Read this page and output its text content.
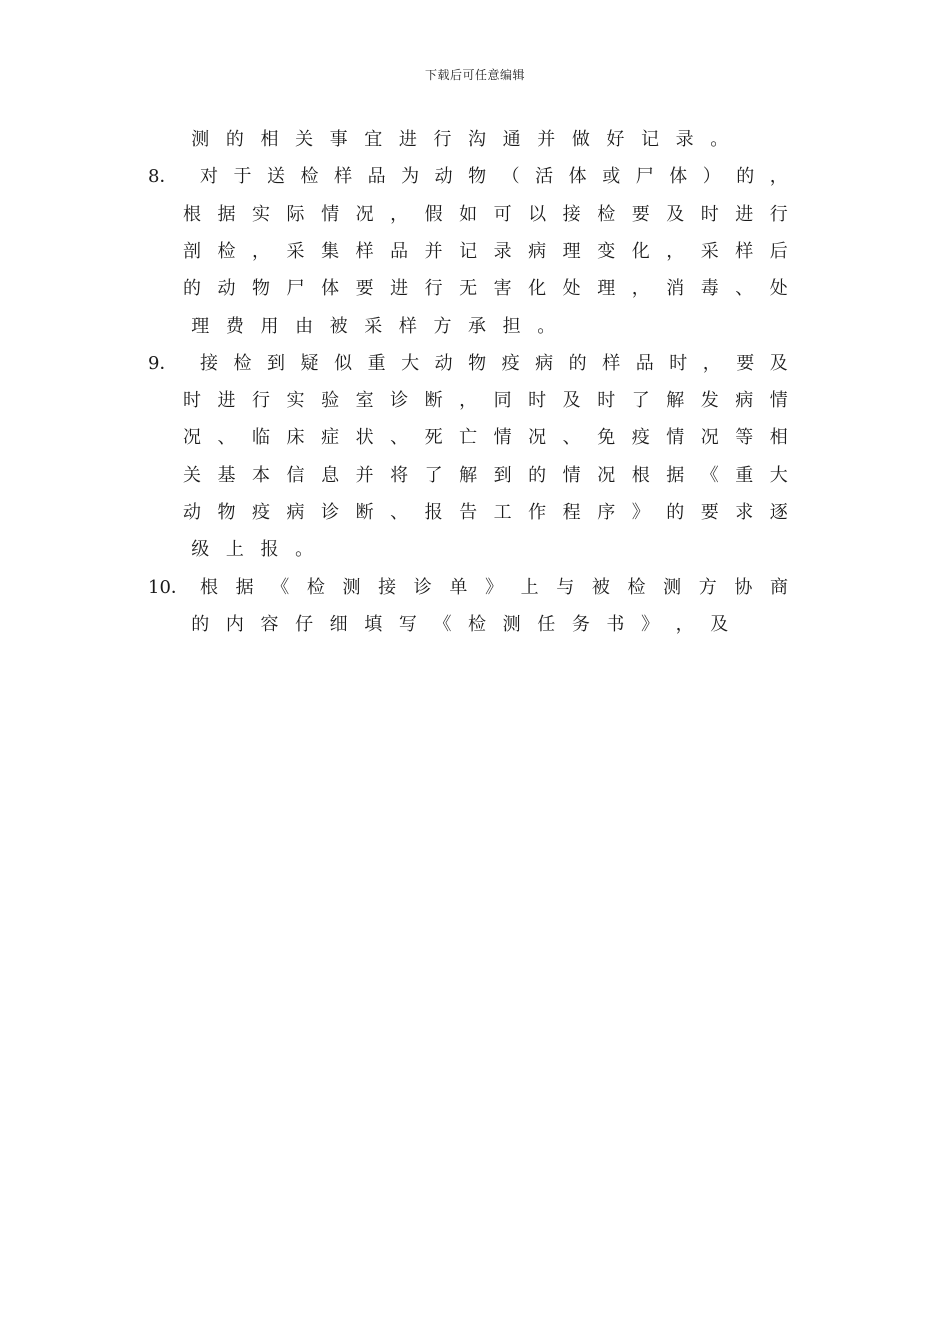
下载后可任意编辑
测 的 相 关 事 宜 进 行 沟 通 并 做 好 记 录 。
8． 对 于 送 检 样 品 为 动 物 （ 活 体 或 尸 体 ） 的 ，
根 据 实 际 情 况 ， 假 如 可 以 接 检 要 及 时 进 行
剖 检 ， 采 集 样 品 并 记 录 病 理 变 化 ， 采 样 后
的 动 物 尸 体 要 进 行 无 害 化 处 理 ， 消 毒 、 处
理 费 用 由 被 采 样 方 承 担 。
9． 接 检 到 疑 似 重 大 动 物 疫 病 的 样 品 时 ， 要 及
时 进 行 实 验 室 诊 断 ， 同 时 及 时 了 解 发 病 情
况 、 临 床 症 状 、 死 亡 情 况 、 免 疫 情 况 等 相
关 基 本 信 息 并 将 了 解 到 的 情 况 根 据 《 重 大
动 物 疫 病 诊 断 、 报 告 工 作 程 序 》 的 要 求 逐
级 上 报 。
10． 根 据 《 检 测 接 诊 单 》 上 与 被 检 测 方 协 商
的 内 容 仔 细 填 写 《 检 测 任 务 书 》 ， 及
